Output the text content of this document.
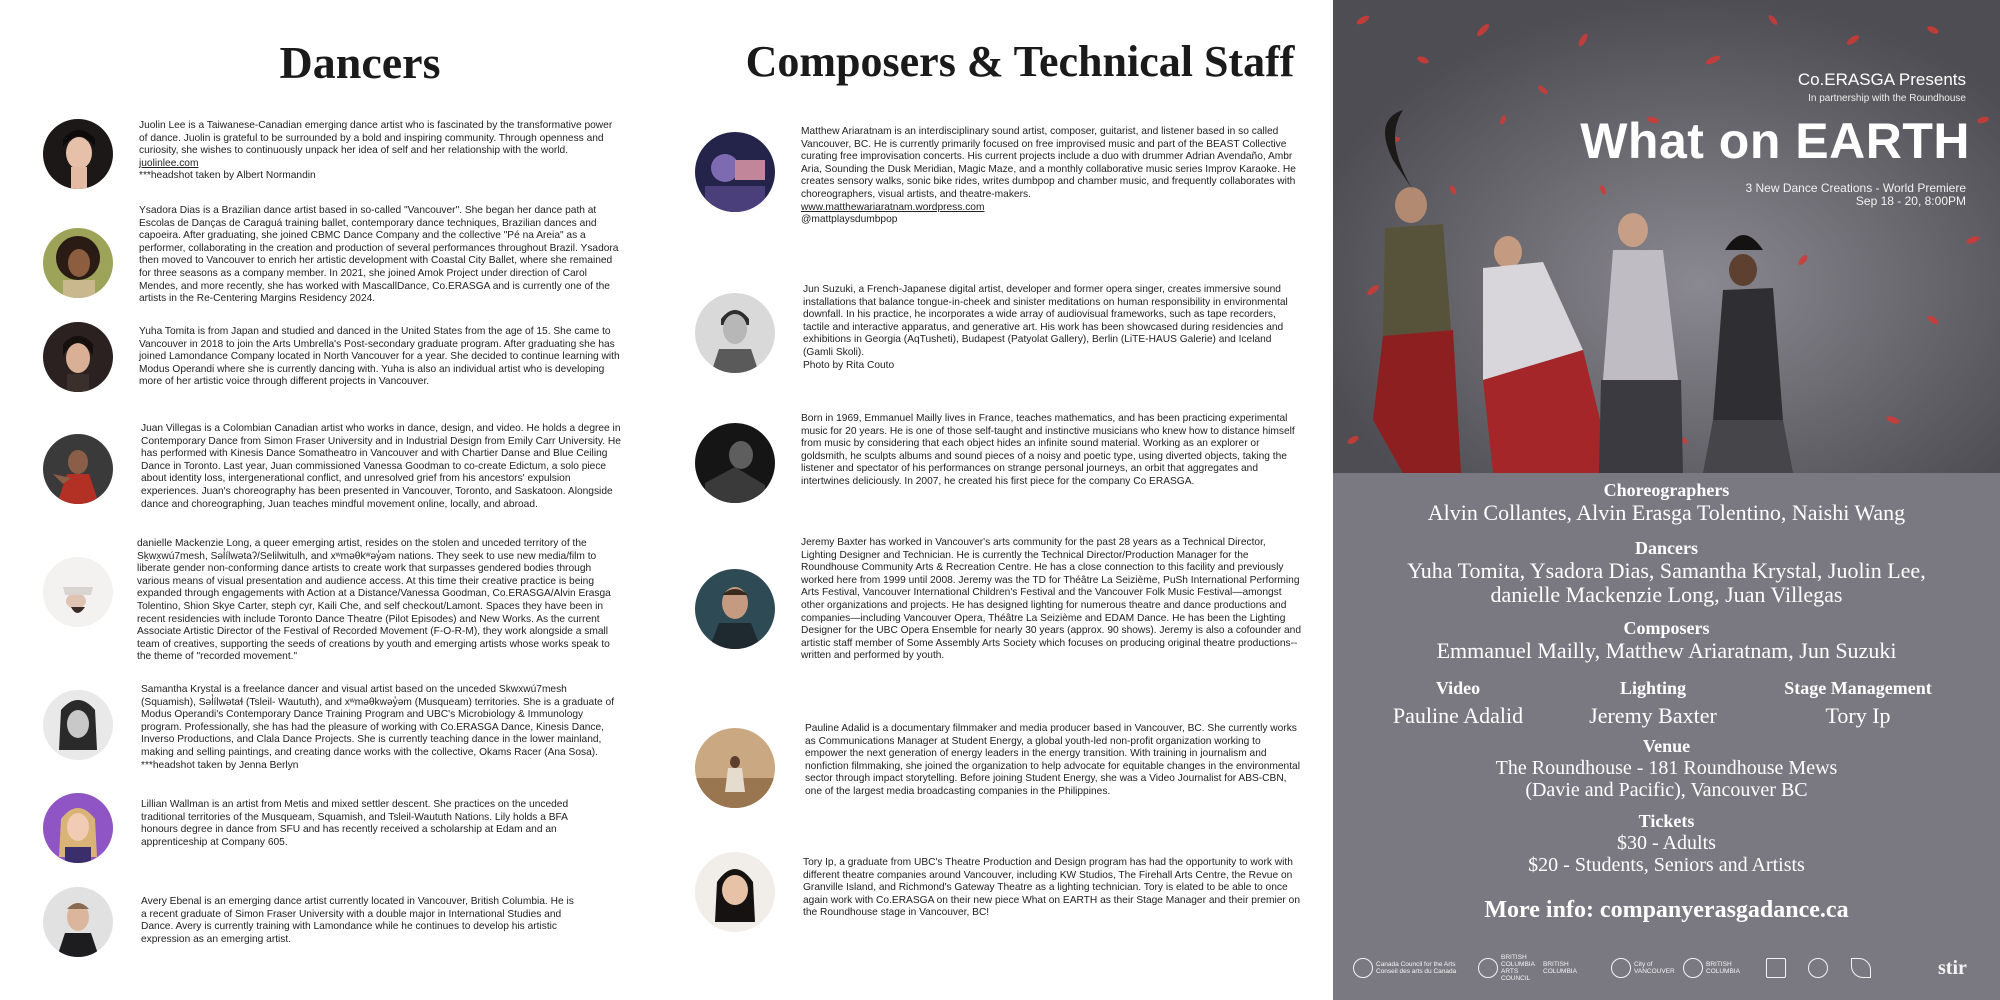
Dancers

Juolin Lee is a Taiwanese-Canadian emerging dance artist who is fascinated by the transformative power of dance. Juolin is grateful to be surrounded by a bold and inspiring community. Through openness and curiosity, she wishes to continuously unpack her idea of self and her relationship with the world.

juolinlee.com

***headshot taken by Albert Normandin

Ysadora Dias is a Brazilian dance artist based in so-called "Vancouver". She began her dance path at Escolas de Danças de Caraguá training ballet, contemporary dance techniques, Brazilian dances and capoeira. After graduating, she joined CBMC Dance Company and the collective "Pé na Areia" as a performer, collaborating in the creation and production of several performances throughout Brazil. Ysadora then moved to Vancouver to enrich her artistic development with Coastal City Ballet, where she remained for three seasons as a company member. In 2021, she joined Amok Project under direction of Carol Mendes, and more recently, she has worked with MascallDance, Co.ERASGA and is currently one of the artists in the Re-Centering Margins Residency 2024.

Yuha Tomita is from Japan and studied and danced in the United States from the age of 15. She came to Vancouver in 2018 to join the Arts Umbrella's Post-secondary graduate program. After graduating she has joined Lamondance Company located in North Vancouver for a year. She decided to continue learning with Modus Operandi where she is currently dancing with. Yuha is also an individual artist who is developing more of her artistic voice through different projects in Vancouver.

Juan Villegas is a Colombian Canadian artist who works in dance, design, and video. He holds a degree in Contemporary Dance from Simon Fraser University and in Industrial Design from Emily Carr University. He has performed with Kinesis Dance Somatheatro in Vancouver and with Chartier Danse and Blue Ceiling Dance in Toronto. Last year, Juan commissioned Vanessa Goodman to co-create Edictum, a solo piece about identity loss, intergenerational conflict, and unresolved grief from his ancestors' expulsion experiences. Juan's choreography has been presented in Vancouver, Toronto, and Saskatoon. Alongside dance and choreographing, Juan teaches mindful movement online, locally, and abroad.

danielle Mackenzie Long, a queer emerging artist, resides on the stolen and unceded territory of the Sḵwx̱wú7mesh, Səl̓ílwətaʔ/Selilwitulh, and xʷməθkʷəy̓əm nations. They seek to use new media/film to liberate gender non-conforming dance artists to create work that surpasses gendered bodies through various means of visual presentation and audience access. At this time their creative practice is being expanded through engagements with Action at a Distance/Vanessa Goodman, Co.ERASGA/Alvin Erasga Tolentino, Shion Skye Carter, steph cyr, Kaili Che, and self checkout/Lamont. Spaces they have been in recent residencies with include Toronto Dance Theatre (Pilot Episodes) and New Works. As the current Associate Artistic Director of the Festival of Recorded Movement (F-O-R-M), they work alongside a small team of creatives, supporting the seeds of creations by youth and emerging artists whose works speak to the theme of "recorded movement."

Samantha Krystal is a freelance dancer and visual artist based on the unceded Skwxwú7mesh (Squamish), Səl̓ílwətaɬ (Tsleil- Waututh), and xʷməθkwəy̓əm (Musqueam) territories. She is a graduate of Modus Operandi's Contemporary Dance Training Program and UBC's Microbiology & Immunology program. Professionally, she has had the pleasure of working with Co.ERASGA Dance, Kinesis Dance, Inverso Productions, and Clala Dance Projects. She is currently teaching dance in the lower mainland, making and selling paintings, and creating dance works with the collective, Okams Racer (Ana Sosa).

***headshot taken by Jenna Berlyn

Lillian Wallman is an artist from Metis and mixed settler descent. She practices on the unceded traditional territories of the Musqueam, Squamish, and Tsleil-Waututh Nations. Lily holds a BFA honours degree in dance from SFU and has recently received a scholarship at Edam and an apprenticeship at Company 605.

Avery Ebenal is an emerging dance artist currently located in Vancouver, British Columbia. He is a recent graduate of Simon Fraser University with a double major in International Studies and Dance. Avery is currently training with Lamondance while he continues to develop his artistic expression as an emerging artist.

Composers & Technical Staff

Matthew Ariaratnam is an interdisciplinary sound artist, composer, guitarist, and listener based in so called Vancouver, BC. He is currently primarily focused on free improvised music and part of the BEAST Collective curating free improvisation concerts. His current projects include a duo with drummer Adrian Avendaño, Ambr Aria, Sounding the Dusk Meridian, Magic Maze, and a monthly collaborative music series Improv Karaoke. He creates sensory walks, sonic bike rides, writes dumbpop and chamber music, and frequently collaborates with choreographers, visual artists, and theatre-makers.

www.matthewariaratnam.wordpress.com

@mattplaysdumbpop

Jun Suzuki, a French-Japanese digital artist, developer and former opera singer, creates immersive sound installations that balance tongue-in-cheek and sinister meditations on human responsibility in environmental downfall. In his practice, he incorporates a wide array of audiovisual frameworks, such as tape recorders, tactile and interactive apparatus, and generative art. His work has been showcased during residencies and exhibitions in Georgia (AqTusheti), Budapest (Patyolat Gallery), Berlin (LiTE-HAUS Galerie) and Iceland (Gamli Skoli).

Photo by Rita Couto

Born in 1969, Emmanuel Mailly lives in France, teaches mathematics, and has been practicing experimental music for 20 years. He is one of those self-taught and instinctive musicians who knew how to distance himself from music by considering that each object hides an infinite sound material. Working as an explorer or goldsmith, he sculpts albums and sound pieces of a noisy and poetic type, using diverted objects, taking the listener and spectator of his performances on strange personal journeys, an orbit that aggregates and intertwines deliciously. In 2007, he created his first piece for the company Co ERASGA.

Jeremy Baxter has worked in Vancouver's arts community for the past 28 years as a Technical Director, Lighting Designer and Technician. He is currently the Technical Director/Production Manager for the Roundhouse Community Arts & Recreation Centre. He has a close connection to this facility and previously worked here from 1999 until 2008. Jeremy was the TD for Théâtre La Seizième, PuSh International Performing Arts Festival, Vancouver International Children's Festival and the Vancouver Folk Music Festival—amongst other organizations and projects. He has designed lighting for numerous theatre and dance productions and companies—including Vancouver Opera, Théâtre La Seizième and EDAM Dance. He has been the Lighting Designer for the UBC Opera Ensemble for nearly 30 years (approx. 90 shows). Jeremy is also a cofounder and artistic staff member of Some Assembly Arts Society which focuses on producing original theatre productions--written and performed by youth.

Pauline Adalid is a documentary filmmaker and media producer based in Vancouver, BC. She currently works as Communications Manager at Student Energy, a global youth-led non-profit organization working to empower the next generation of energy leaders in the energy transition. With training in journalism and nonfiction filmmaking, she joined the organization to help advocate for equitable changes in the environmental sector through impact storytelling. Before joining Student Energy, she was a Video Journalist for ABS-CBN, one of the largest media broadcasting companies in the Philippines.

Tory Ip, a graduate from UBC's Theatre Production and Design program has had the opportunity to work with different theatre companies around Vancouver, including KW Studios, The Firehall Arts Centre, the Revue on Granville Island, and Richmond's Gateway Theatre as a lighting technician. Tory is elated to be able to once again work with Co.ERASGA on their new piece What on EARTH as their Stage Manager and their premier on the Roundhouse stage in Vancouver, BC!

Co.ERASGA Presents
In partnership with the Roundhouse
What on EARTH
3 New Dance Creations - World Premiere
Sep 18 - 20, 8:00PM
Choreographers
Alvin Collantes, Alvin Erasga Tolentino, Naishi Wang
Dancers
Yuha Tomita, Ysadora Dias, Samantha Krystal, Juolin Lee,
danielle Mackenzie Long, Juan Villegas
Composers
Emmanuel Mailly, Matthew Ariaratnam, Jun Suzuki
Video
Pauline Adalid
Lighting
Jeremy Baxter
Stage Management
Tory Ip
Venue
The Roundhouse - 181 Roundhouse Mews
(Davie and Pacific), Vancouver BC
Tickets
$30 - Adults
$20 - Students, Seniors and Artists
More info: companyerasgadance.ca
Canada Council for the Arts Conseil des arts du Canada
BRITISH COLUMBIA ARTS COUNCIL
BRITISH COLUMBIA
City of VANCOUVER
BRITISH COLUMBIA	stir
